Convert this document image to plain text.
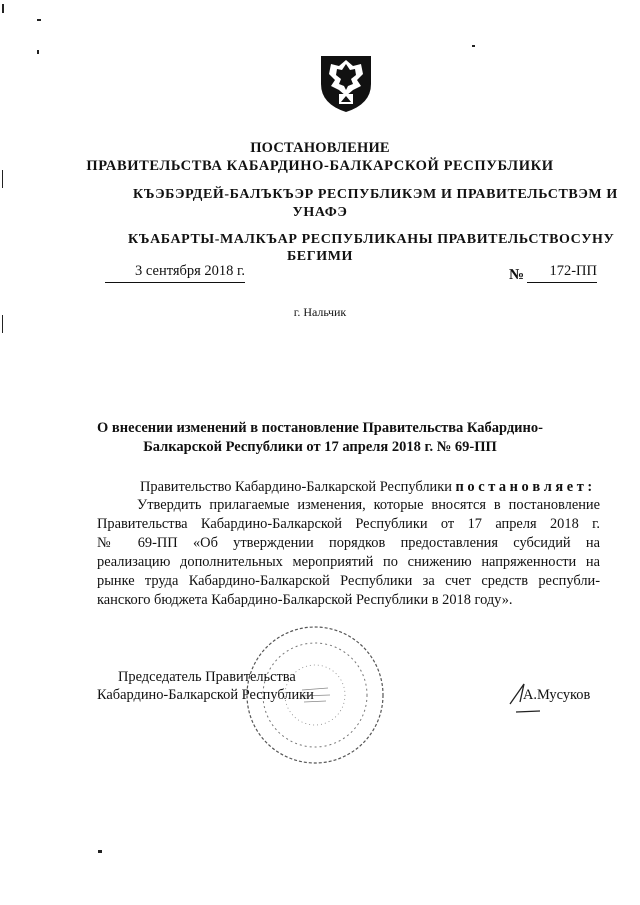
ПОСТАНОВЛЕНИЕ
ПРАВИТЕЛЬСТВА КАБАРДИНО-БАЛКАРСКОЙ РЕСПУБЛИКИ
КЪЭБЭРДЕЙ-БАЛЪКЪЭР РЕСПУБЛИКЭМ И ПРАВИТЕЛЬСТВЭМ И
УНАФЭ
КЪАБАРТЫ-МАЛКЪАР РЕСПУБЛИКАНЫ ПРАВИТЕЛЬСТВОСУНУ
БЕГИМИ
3 сентября 2018 г.	№	172-ПП
г. Нальчик
О внесении изменений в постановление Правительства Кабардино-
Балкарской Республики от 17 апреля 2018 г. № 69-ПП
Правительство Кабардино-Балкарской Республики п о с т а н о в л я е т :
Утвердить прилагаемые изменения, которые вносятся в постановление
Правительства Кабардино-Балкарской Республики от 17 апреля 2018 г.
№ 69-ПП «Об утверждении порядков предоставления субсидий на
реализацию дополнительных мероприятий по снижению напряженности на
рынке труда Кабардино-Балкарской Республики за счет средств республи-
канского бюджета Кабардино-Балкарской Республики в 2018 году».
Председатель Правительства
Кабардино-Балкарской Республики	А.Мусуков
